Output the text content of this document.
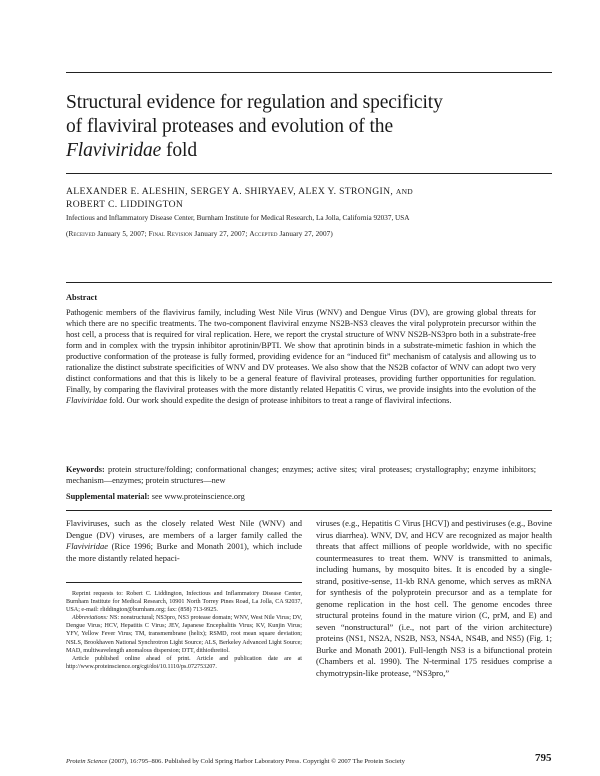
Structural evidence for regulation and specificity
of flaviviral proteases and evolution of the
Flaviviridae fold
ALEXANDER E. ALESHIN, SERGEY A. SHIRYAEV, ALEX Y. STRONGIN, AND
ROBERT C. LIDDINGTON
Infectious and Inflammatory Disease Center, Burnham Institute for Medical Research, La Jolla, California 92037, USA
(Received January 5, 2007; Final Revision January 27, 2007; Accepted January 27, 2007)
Abstract
Pathogenic members of the flavivirus family, including West Nile Virus (WNV) and Dengue Virus (DV), are growing global threats for which there are no specific treatments. The two-component flaviviral enzyme NS2B-NS3 cleaves the viral polyprotein precursor within the host cell, a process that is required for viral replication. Here, we report the crystal structure of WNV NS2B-NS3pro both in a substrate-free form and in complex with the trypsin inhibitor aprotinin/BPTI. We show that aprotinin binds in a substrate-mimetic fashion in which the productive conformation of the protease is fully formed, providing evidence for an “induced fit” mechanism of catalysis and allowing us to rationalize the distinct substrate specificities of WNV and DV proteases. We also show that the NS2B cofactor of WNV can adopt two very distinct conformations and that this is likely to be a general feature of flaviviral proteases, providing further opportunities for regulation. Finally, by comparing the flaviviral proteases with the more distantly related Hepatitis C virus, we provide insights into the evolution of the Flaviviridae fold. Our work should expedite the design of protease inhibitors to treat a range of flaviviral infections.
Keywords: protein structure/folding; conformational changes; enzymes; active sites; viral proteases; crystallography; enzyme inhibitors; mechanism—enzymes; protein structures—new
Supplemental material: see www.proteinscience.org
Flaviviruses, such as the closely related West Nile (WNV) and Dengue (DV) viruses, are members of a larger family called the Flaviviridae (Rice 1996; Burke and Monath 2001), which include the more distantly related hepaci-

Reprint requests to: Robert C. Liddington, Infectious and Inflammatory Disease Center, Burnham Institute for Medical Research, 10901 North Torrey Pines Road, La Jolla, CA 92037, USA; e-mail: rliddington@burnham.org; fax: (858) 713-9925.

Abbreviations: NS: nonstructural; NS3pro, NS3 protease domain; WNV, West Nile Virus; DV, Dengue Virus; HCV, Hepatitis C Virus; JEV, Japanese Encephalitis Virus; KV, Kunjin Virus; YFV, Yellow Fever Virus; TM, transmembrane (helix); RSMD, root mean square deviation; NSLS, Brookhaven National Synchrotron Light Source; ALS, Berkeley Advanced Light Source; MAD, multiwavelength anomalous dispersion; DTT, dithiothreitol.

Article published online ahead of print. Article and publication date are at http://www.proteinscience.org/cgi/doi/10.1110/ps.072753207.

viruses (e.g., Hepatitis C Virus [HCV]) and pestiviruses (e.g., Bovine virus diarrhea). WNV, DV, and HCV are recognized as major health threats that affect millions of people worldwide, with no specific countermeasures to treat them. WNV is transmitted to animals, including humans, by mosquito bites. It is encoded by a single-strand, positive-sense, 11-kb RNA genome, which serves as mRNA for synthesis of the polyprotein precursor and as a template for genome replication in the host cell. The genome encodes three structural proteins found in the mature virion (C, prM, and E) and seven “nonstructural” (i.e., not part of the virion architecture) proteins (NS1, NS2A, NS2B, NS3, NS4A, NS4B, and NS5) (Fig. 1; Burke and Monath 2001). Full-length NS3 is a bifunctional protein (Chambers et al. 1990). The N-terminal 175 residues comprise a chymotrypsin-like protease, “NS3pro,”
Protein Science (2007), 16:795–806. Published by Cold Spring Harbor Laboratory Press. Copyright © 2007 The Protein Society	795
